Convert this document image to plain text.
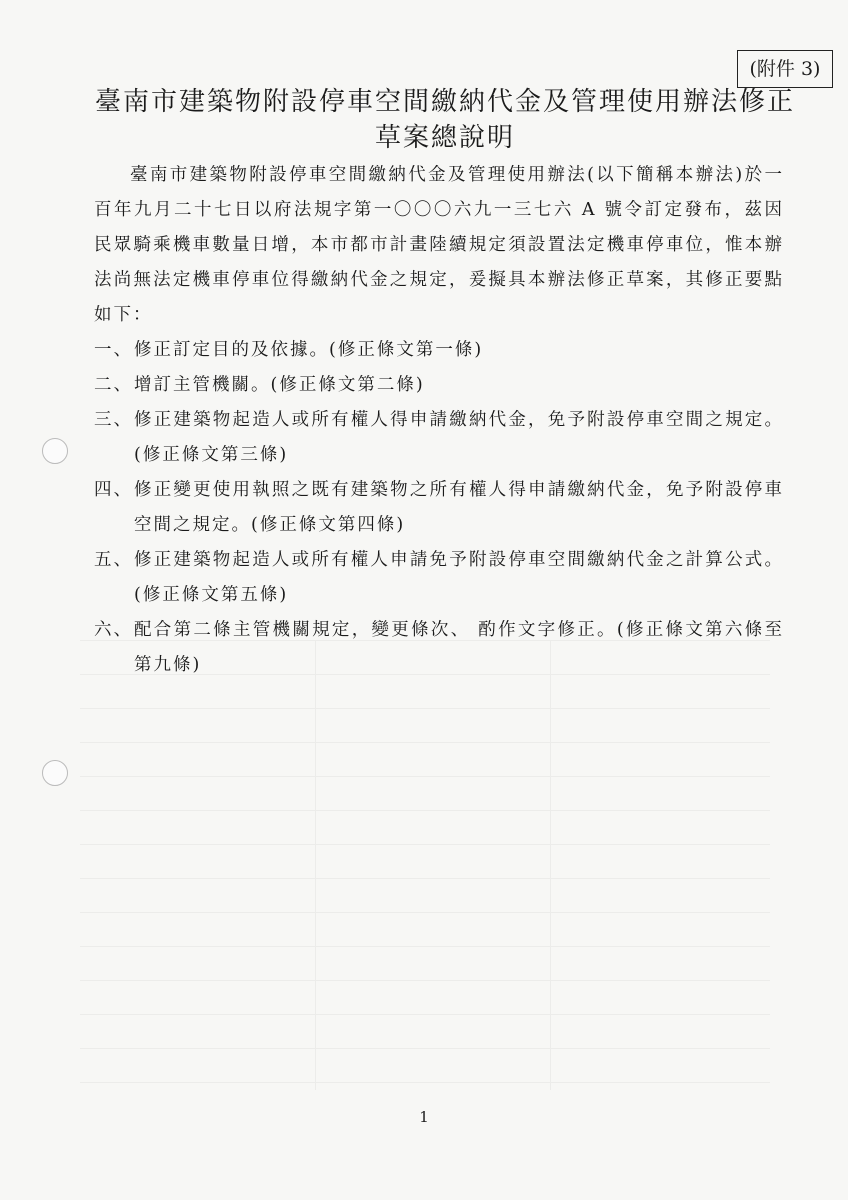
(附件 3)
臺南市建築物附設停車空間繳納代金及管理使用辦法修正草案總說明

臺南市建築物附設停車空間繳納代金及管理使用辦法(以下簡稱本辦法)於一百年九月二十七日以府法規字第一〇〇〇六九一三七六 A 號令訂定發布，茲因民眾騎乘機車數量日增，本市都市計畫陸續規定須設置法定機車停車位，惟本辦法尚無法定機車停車位得繳納代金之規定，爰擬具本辦法修正草案，其修正要點如下：

一、 修正訂定目的及依據。(修正條文第一條)
二、 增訂主管機關。(修正條文第二條)
三、 修正建築物起造人或所有權人得申請繳納代金，免予附設停車空間之規定。(修正條文第三條)
四、 修正變更使用執照之既有建築物之所有權人得申請繳納代金，免予附設停車空間之規定。(修正條文第四條)
五、 修正建築物起造人或所有權人申請免予附設停車空間繳納代金之計算公式。(修正條文第五條)
六、 配合第二條主管機關規定，變更條次、 酌作文字修正。(修正條文第六條至第九條)
1
